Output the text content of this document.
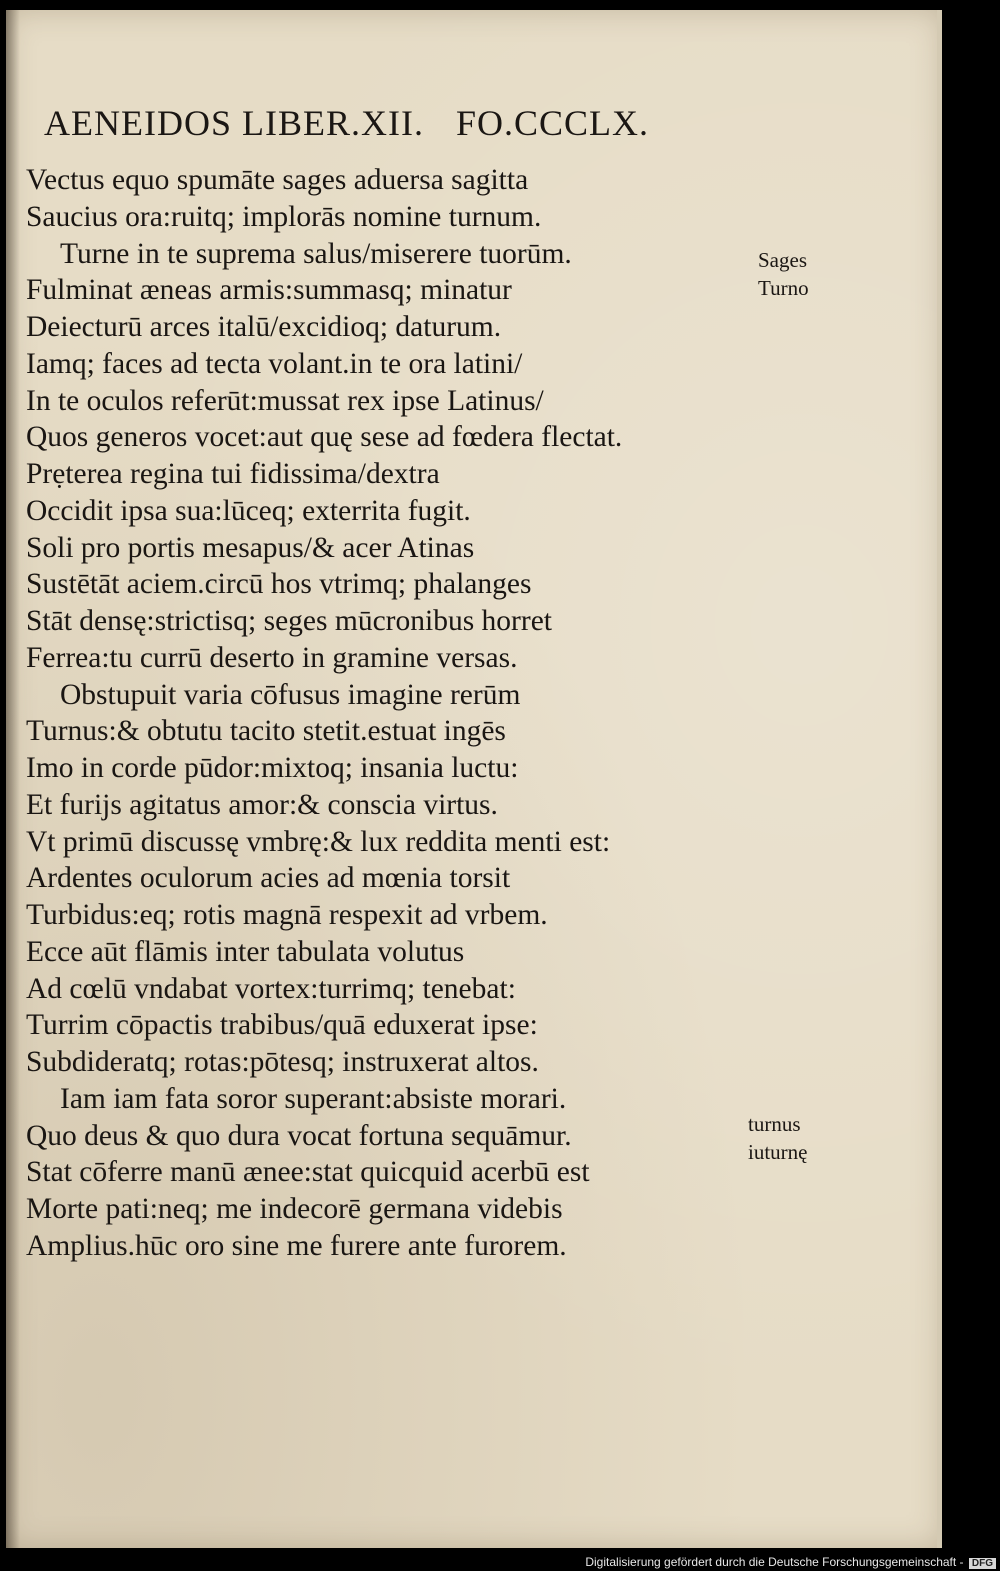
AENEIDOS LIBER.XII. FO.CCCLX.
Vectus equo spumāte sages aduersa sagitta
Saucius ora:ruitq; implorās nomine turnum.
Turne in te suprema salus/miserere tuorūm.
Fulminat æneas armis:summasq; minatur
Deiecturū arces italū/excidioq; daturum.
Iamq; faces ad tecta volant.in te ora latini/
In te oculos referūt:mussat rex ipse Latinus/
Quos generos vocet:aut quę sese ad fœdera flectat.
Prẹterea regina tui fidissima/dextra
Occidit ipsa sua:lūceq; exterrita fugit.
Soli pro portis mesapus/& acer Atinas
Sustētāt aciem.circū hos vtrimq; phalanges
Stāt densę:strictisq; seges mūcronibus horret
Ferrea:tu currū deserto in gramine versas.
Obstupuit varia cōfusus imagine rerūm
Turnus:& obtutu tacito stetit.estuat ingēs
Imo in corde pūdor:mixtoq; insania luctu:
Et furijs agitatus amor:& conscia virtus.
Vt primū discussę vmbrę:& lux reddita menti est:
Ardentes oculorum acies ad mœnia torsit
Turbidus:eq; rotis magnā respexit ad vrbem.
Ecce aūt flāmis inter tabulata volutus
Ad cœlū vndabat vortex:turrimq; tenebat:
Turrim cōpactis trabibus/quā eduxerat ipse:
Subdideratq; rotas:pōtesq; instruxerat altos.
Iam iam fata soror superant:absiste morari.
Quo deus & quo dura vocat fortuna sequāmur.
Stat cōferre manū ænee:stat quicquid acerbū est
Morte pati:neq; me indecorē germana videbis
Amplius.hūc oro sine me furere ante furorem.
Sages
Turno
turnus
iuturnę
Digitalisierung gefördert durch die Deutsche Forschungsgemeinschaft - DFG
